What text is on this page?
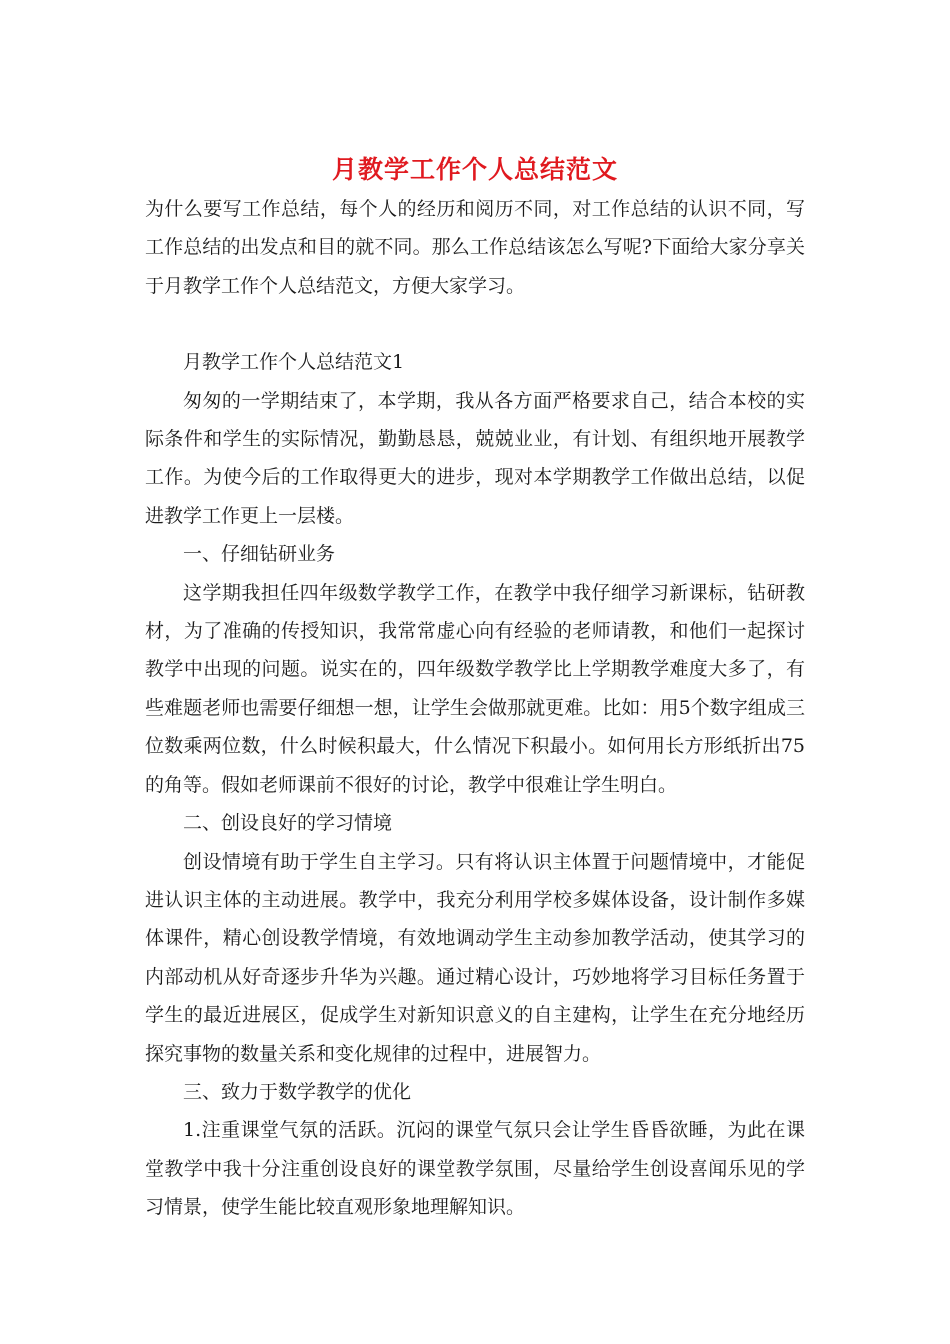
月教学工作个人总结范文

为什么要写工作总结，每个人的经历和阅历不同，对工作总结的认识不同，写工作总结的出发点和目的就不同。那么工作总结该怎么写呢?下面给大家分享关于月教学工作个人总结范文，方便大家学习。

月教学工作个人总结范文1

匆匆的一学期结束了，本学期，我从各方面严格要求自己，结合本校的实际条件和学生的实际情况，勤勤恳恳，兢兢业业，有计划、有组织地开展教学工作。为使今后的工作取得更大的进步，现对本学期教学工作做出总结，以促进教学工作更上一层楼。

一、仔细钻研业务

这学期我担任四年级数学教学工作，在教学中我仔细学习新课标，钻研教材，为了准确的传授知识，我常常虚心向有经验的老师请教，和他们一起探讨教学中出现的问题。说实在的，四年级数学教学比上学期教学难度大多了，有些难题老师也需要仔细想一想，让学生会做那就更难。比如：用5个数字组成三位数乘两位数，什么时候积最大，什么情况下积最小。如何用长方形纸折出75 的角等。假如老师课前不很好的讨论，教学中很难让学生明白。

二、创设良好的学习情境

创设情境有助于学生自主学习。只有将认识主体置于问题情境中，才能促进认识主体的主动进展。教学中，我充分利用学校多媒体设备，设计制作多媒体课件，精心创设教学情境，有效地调动学生主动参加教学活动，使其学习的内部动机从好奇逐步升华为兴趣。通过精心设计，巧妙地将学习目标任务置于学生的最近进展区，促成学生对新知识意义的自主建构，让学生在充分地经历探究事物的数量关系和变化规律的过程中，进展智力。

三、致力于数学教学的优化

1.注重课堂气氛的活跃。沉闷的课堂气氛只会让学生昏昏欲睡，为此在课堂教学中我十分注重创设良好的课堂教学氛围，尽量给学生创设喜闻乐见的学习情景，使学生能比较直观形象地理解知识。
